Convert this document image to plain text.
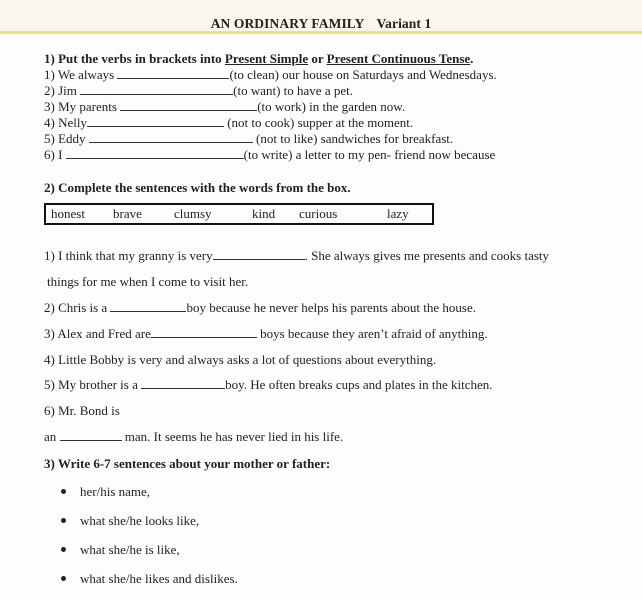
AN ORDINARY FAMILY Variant 1
1) Put the verbs in brackets into Present Simple or Present Continuous Tense.
1) We always	(to clean) our house on Saturdays and Wednesdays.
2) Jim	(to want) to have a pet.
3) My parents	(to work) in the garden now.
4) Nelly	(not to cook) supper at the moment.
5) Eddy	(not to like) sandwiches for breakfast.
6) I	(to write) a letter to my pen- friend now because
2) Complete the sentences with the words from the box.
honest brave clumsy	kind curious	lazy
1) I think that my granny is very	. She always gives me presents and cooks tasty
things for me when I come to visit her.
2) Chris is a	boy because he never helps his parents about the house.
3) Alex and Fred are	boys because they aren’t afraid of anything.
4) Little Bobby is very and always asks a lot of questions about everything.
5) My brother is a	boy. He often breaks cups and plates in the kitchen.
6) Mr. Bond is
an	man. It seems he has never lied in his life.
3) Write 6-7 sentences about your mother or father:
her/his name,
what she/he looks like,
what she/he is like,
what she/he likes and dislikes.
